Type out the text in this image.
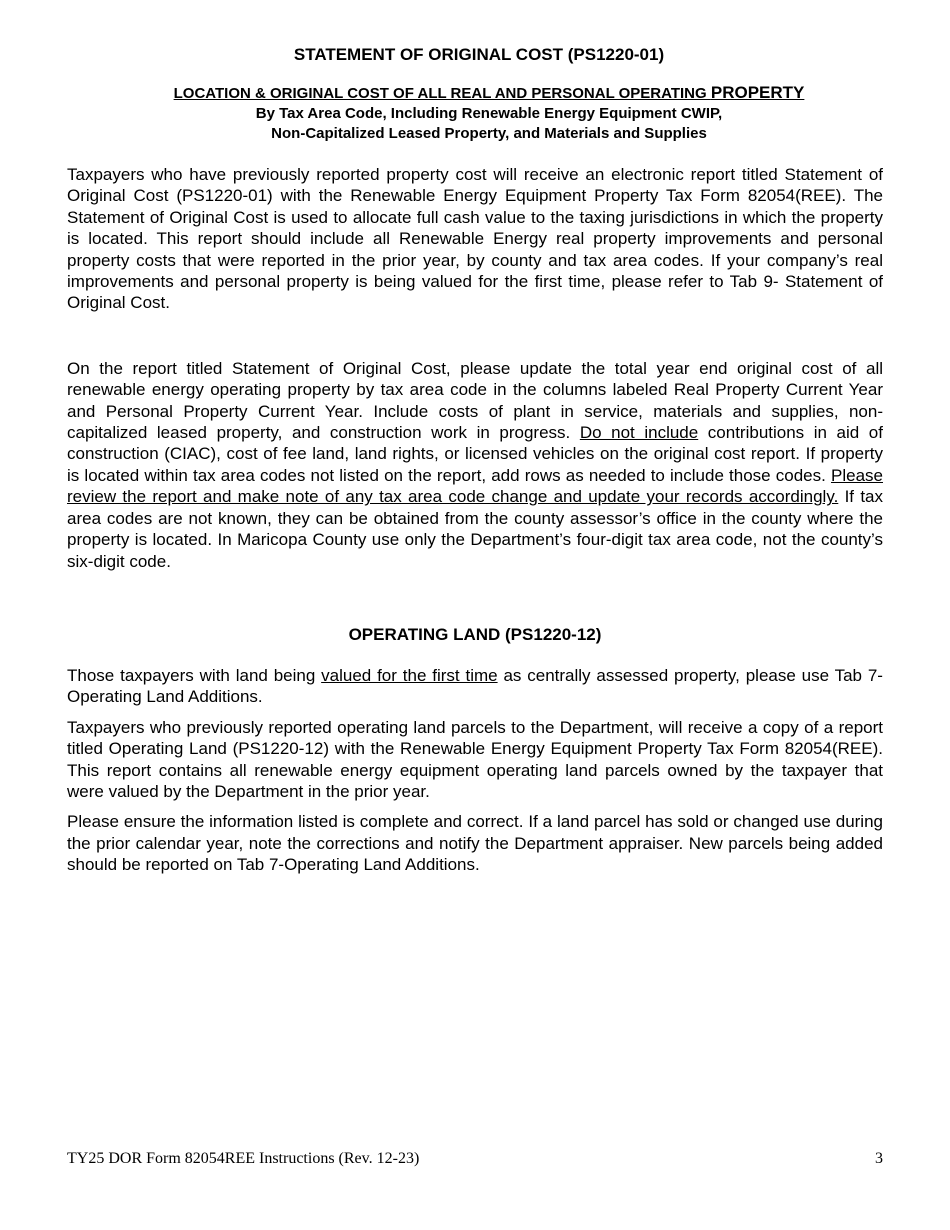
STATEMENT OF ORIGINAL COST (PS1220-01)
LOCATION & ORIGINAL COST OF ALL REAL AND PERSONAL OPERATING PROPERTY
By Tax Area Code, Including Renewable Energy Equipment CWIP,
Non-Capitalized Leased Property, and Materials and Supplies

Taxpayers who have previously reported property cost will receive an electronic report titled Statement of Original Cost (PS1220-01) with the Renewable Energy Equipment Property Tax Form 82054(REE). The Statement of Original Cost is used to allocate full cash value to the taxing jurisdictions in which the property is located. This report should include all Renewable Energy real property improvements and personal property costs that were reported in the prior year, by county and tax area codes. If your company’s real improvements and personal property is being valued for the first time, please refer to Tab 9- Statement of Original Cost.

On the report titled Statement of Original Cost, please update the total year end original cost of all renewable energy operating property by tax area code in the columns labeled Real Property Current Year and Personal Property Current Year. Include costs of plant in service, materials and supplies, non-capitalized leased property, and construction work in progress. Do not include contributions in aid of construction (CIAC), cost of fee land, land rights, or licensed vehicles on the original cost report. If property is located within tax area codes not listed on the report, add rows as needed to include those codes. Please review the report and make note of any tax area code change and update your records accordingly. If tax area codes are not known, they can be obtained from the county assessor’s office in the county where the property is located. In Maricopa County use only the Department’s four-digit tax area code, not the county’s six-digit code.

OPERATING LAND (PS1220-12)

Those taxpayers with land being valued for the first time as centrally assessed property, please use Tab 7-Operating Land Additions.

Taxpayers who previously reported operating land parcels to the Department, will receive a copy of a report titled Operating Land (PS1220-12) with the Renewable Energy Equipment Property Tax Form 82054(REE). This report contains all renewable energy equipment operating land parcels owned by the taxpayer that were valued by the Department in the prior year.

Please ensure the information listed is complete and correct. If a land parcel has sold or changed use during the prior calendar year, note the corrections and notify the Department appraiser. New parcels being added should be reported on Tab 7-Operating Land Additions.

TY25 DOR Form 82054REE Instructions (Rev. 12-23)	3
